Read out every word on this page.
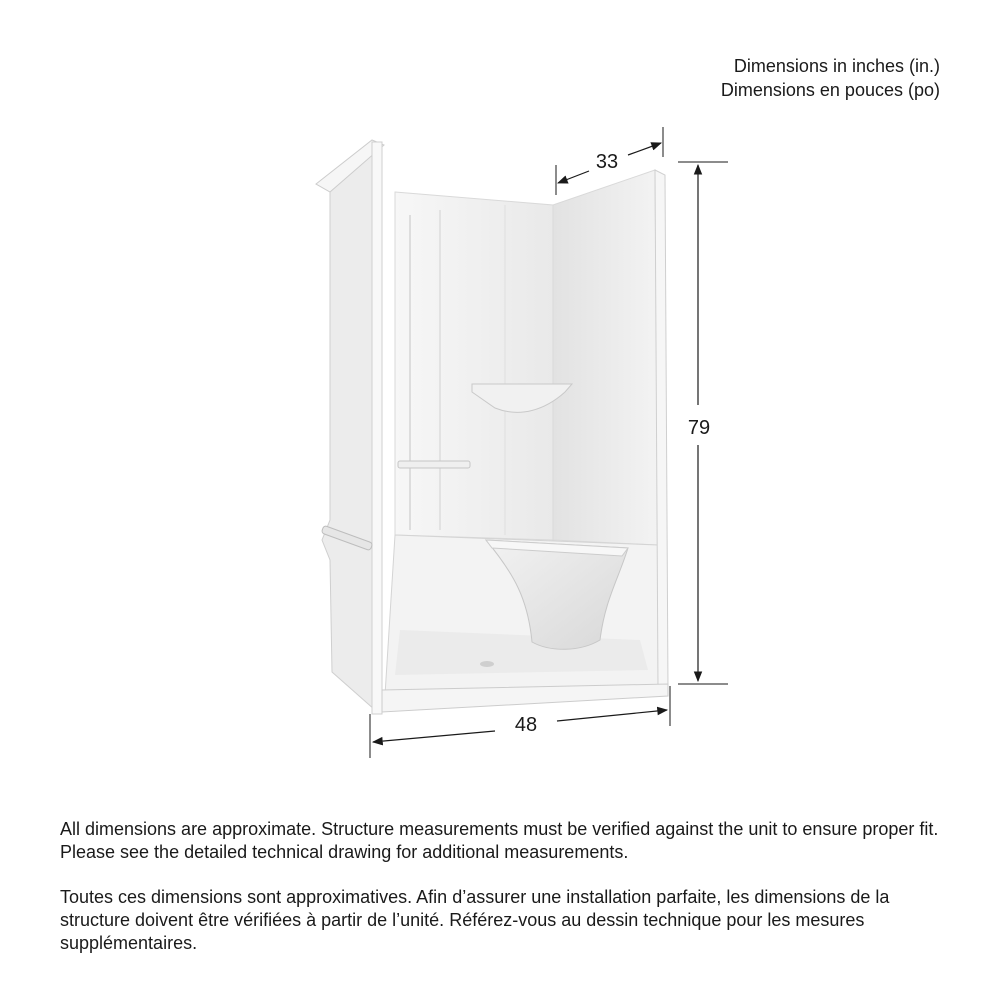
Dimensions in inches (in.)
Dimensions en pouces (po)
33
79
48

All dimensions are approximate. Structure measurements must be verified against the unit to ensure proper fit. Please see the detailed technical drawing for additional measurements.

Toutes ces dimensions sont approximatives. Afin d’assurer une installation parfaite, les dimensions de la structure doivent être vérifiées à partir de l’unité. Référez-vous au dessin technique pour les mesures supplémentaires.
